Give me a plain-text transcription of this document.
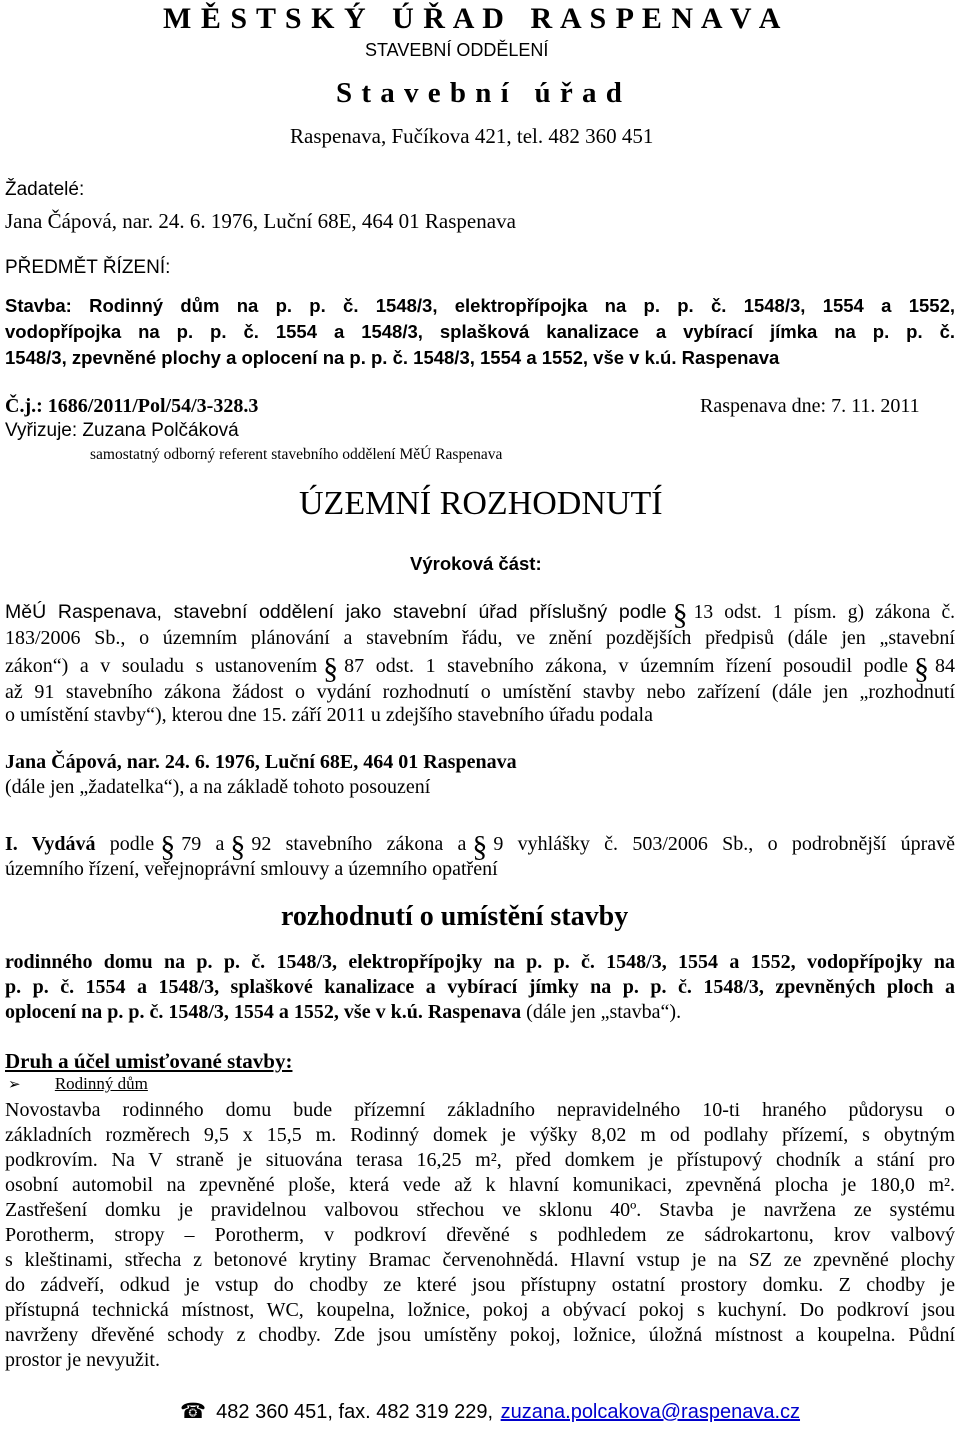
M Ě S T S K Ý   Ú Ř A D   R A S P E N A V A
STAVEBNÍ ODDĚLENÍ
S t a v e b n í   ú ř a d
Raspenava, Fučíkova 421, tel. 482 360 451
Žadatelé:
Jana Čápová, nar. 24. 6. 1976, Luční 68E, 464 01 Raspenava
PŘEDMĚT ŘÍZENÍ:
Stavba: Rodinný dům na p. p. č. 1548/3, elektropřípojka na p. p. č. 1548/3, 1554 a 1552,
vodopřípojka na p. p. č. 1554 a 1548/3, splašková kanalizace a vybírací jímka na p. p. č.
1548/3, zpevněné plochy a oplocení na p. p. č. 1548/3, 1554 a 1552, vše v k.ú. Raspenava
Č.j.: 1686/2011/Pol/54/3-328.3	Raspenava dne: 7. 11. 2011
Vyřizuje: Zuzana Polčáková
samostatný odborný referent stavebního oddělení MěÚ Raspenava
ÚZEMNÍ ROZHODNUTÍ
Výroková část:
MěÚ Raspenava, stavební oddělení jako stavební úřad příslušný podle § 13 odst. 1 písm. g) zákona č.
183/2006 Sb., o územním plánování a stavebním řádu, ve znění pozdějších předpisů (dále jen „stavební
zákon“) a v souladu s ustanovením § 87 odst. 1 stavebního zákona, v územním řízení posoudil podle § 84
až 91 stavebního zákona žádost o vydání rozhodnutí o umístění stavby nebo zařízení (dále jen „rozhodnutí
o umístění stavby“), kterou dne 15. září 2011 u zdejšího stavebního úřadu podala
Jana Čápová, nar. 24. 6. 1976, Luční 68E, 464 01 Raspenava
(dále jen „žadatelka“), a na základě tohoto posouzení
I. Vydává podle § 79 a § 92 stavebního zákona a § 9 vyhlášky č. 503/2006 Sb., o podrobnější úpravě
územního řízení, veřejnoprávní smlouvy a územního opatření
rozhodnutí o umístění stavby
rodinného domu na p. p. č. 1548/3, elektropřípojky na p. p. č. 1548/3, 1554 a 1552, vodopřípojky na
p. p. č. 1554 a 1548/3, splaškové kanalizace a vybírací jímky na p. p. č. 1548/3, zpevněných ploch a
oplocení na p. p. č. 1548/3, 1554 a 1552, vše v k.ú. Raspenava (dále jen „stavba“).
Druh a účel umisťované stavby:
➢ Rodinný dům
Novostavba rodinného domu bude přízemní základního nepravidelného 10-ti hraného půdorysu o
základních rozměrech 9,5 x 15,5 m. Rodinný domek je výšky 8,02 m od podlahy přízemí, s obytným
podkrovím. Na V straně je situována terasa 16,25 m², před domkem je přístupový chodník a stání pro
osobní automobil na zpevněné ploše, která vede až k hlavní komunikaci, zpevněná plocha je 180,0 m².
Zastřešení domku je pravidelnou valbovou střechou ve sklonu 40º. Stavba je navržena ze systému
Porotherm, stropy – Porotherm, v podkroví dřevěné s podhledem ze sádrokartonu, krov valbový
s kleštinami, střecha z betonové krytiny Bramac červenohnědá. Hlavní vstup je na SZ ze zpevněné plochy
do zádveří, odkud je vstup do chodby ze které jsou přístupny ostatní prostory domku. Z chodby je
přístupná technická místnost, WC, koupelna, ložnice, pokoj a obývací pokoj s kuchyní. Do podkroví jsou
navrženy dřevěné schody z chodby. Zde jsou umístěny pokoj, ložnice, úložná místnost a koupelna. Půdní
prostor je nevyužit.
☎ 482 360 451, fax. 482 319 229, zuzana.polcakova@raspenava.cz
